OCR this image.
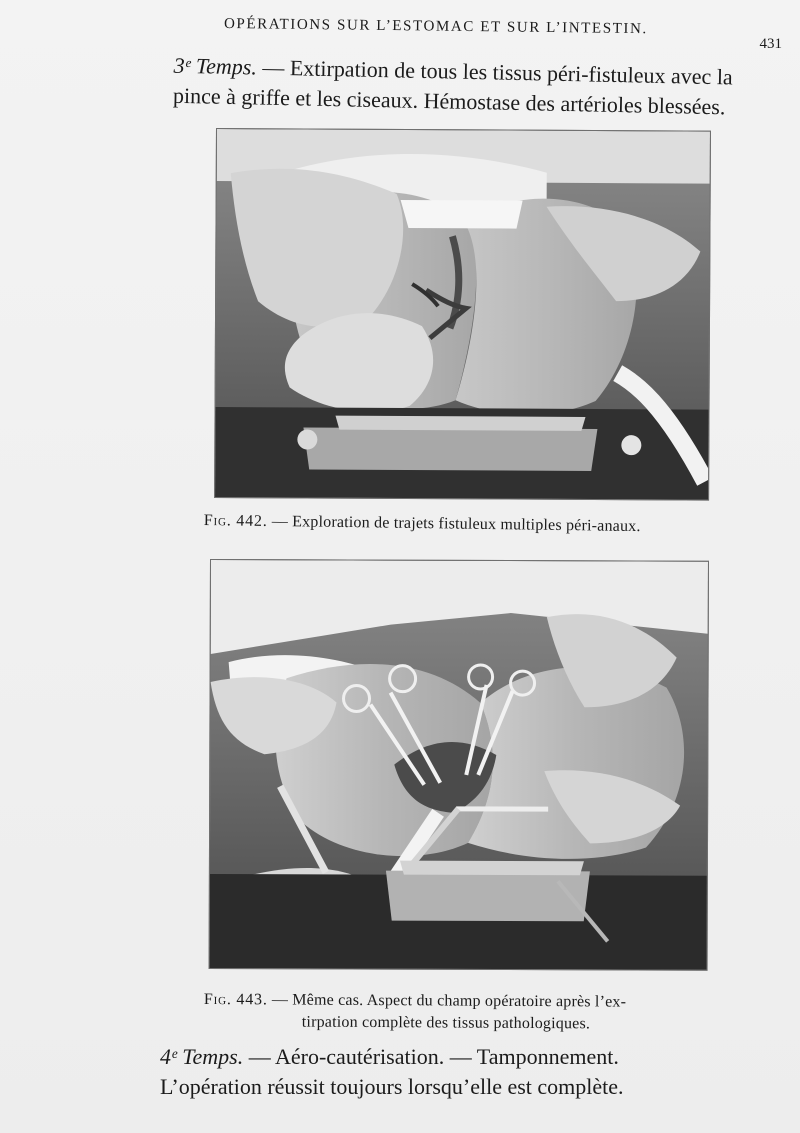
OPÉRATIONS SUR L’ESTOMAC ET SUR L’INTESTIN.
431
3ᵉ Temps. — Extirpation de tous les tissus péri-fistuleux avec la
pince à griffe et les ciseaux. Hémostase des artérioles blessées.
Fig. 442. — Exploration de trajets fistuleux multiples péri-anaux.
Fig. 443. — Même cas. Aspect du champ opératoire après l’ex-
tirpation complète des tissus pathologiques.
4ᵉ Temps. — Aéro-cautérisation. — Tamponnement.
L’opération réussit toujours lorsqu’elle est complète.
